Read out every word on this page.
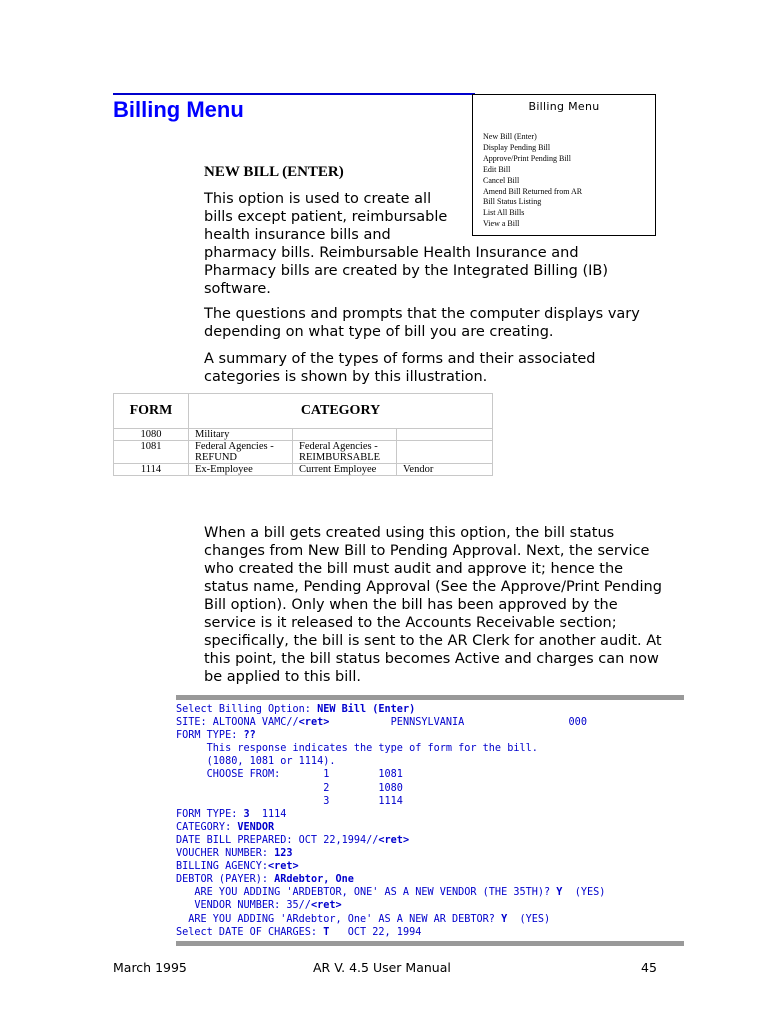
Billing Menu	Billing Menu
New Bill (Enter)
Display Pending Bill
Approve/Print Pending Bill
Edit Bill
Cancel Bill
Amend Bill Returned from AR
Bill Status Listing
List All Bills
View a Bill
NEW BILL (ENTER)

This option is used to create all

bills except patient, reimbursable

health insurance bills and

pharmacy bills. Reimbursable Health Insurance and Pharmacy bills are created by the Integrated Billing (IB) software.

The questions and prompts that the computer displays vary depending on what type of bill you are creating.

A summary of the types of forms and their associated categories is shown by this illustration.

FORM	CATEGORY		
1080	Military		
1081	Federal Agencies - REFUND	Federal Agencies - REIMBURSABLE	
1114	Ex-Employee	Current Employee	Vendor

When a bill gets created using this option, the bill status changes from New Bill to Pending Approval. Next, the service who created the bill must audit and approve it; hence the status name, Pending Approval (See the Approve/Print Pending Bill option). Only when the bill has been approved by the service is it released to the Accounts Receivable section; specifically, the bill is sent to the AR Clerk for another audit. At this point, the bill status becomes Active and charges can now be applied to this bill.

Select Billing Option: NEW Bill (Enter)
SITE: ALTOONA VAMC//<ret>          PENNSYLVANIA                 000
FORM TYPE: ??
This response indicates the type of form for the bill.
(1080, 1081 or 1114).
CHOOSE FROM:       1        1081
2        1080
3        1114
FORM TYPE: 3  1114
CATEGORY: VENDOR
DATE BILL PREPARED: OCT 22,1994//<ret>
VOUCHER NUMBER: 123
BILLING AGENCY:<ret>
DEBTOR (PAYER): ARdebtor, One
ARE YOU ADDING 'ARDEBTOR, ONE' AS A NEW VENDOR (THE 35TH)? Y  (YES)
VENDOR NUMBER: 35//<ret>
ARE YOU ADDING 'ARdebtor, One' AS A NEW AR DEBTOR? Y  (YES)
Select DATE OF CHARGES: T   OCT 22, 1994
March 1995	AR V. 4.5 User Manual	45
